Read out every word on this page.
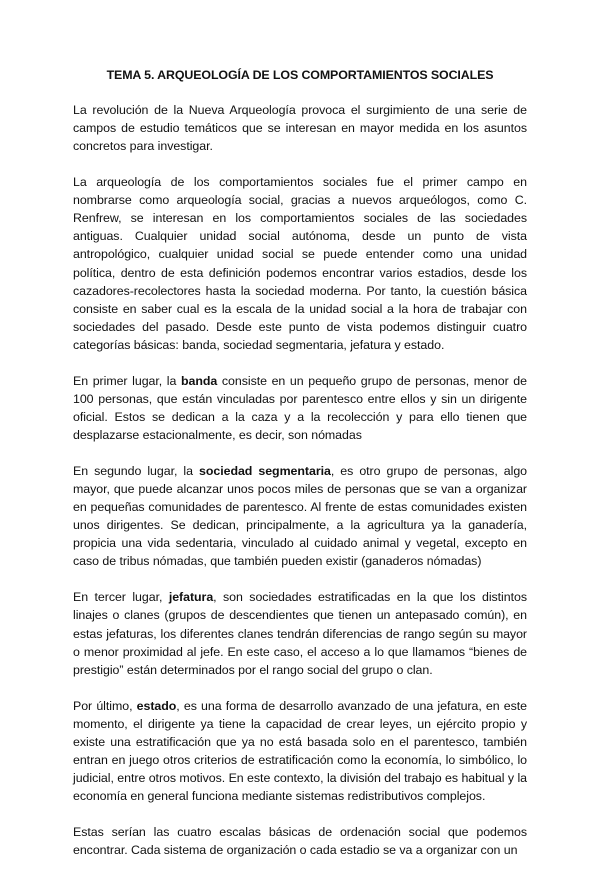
TEMA 5. ARQUEOLOGÍA DE LOS COMPORTAMIENTOS SOCIALES

La revolución de la Nueva Arqueología provoca el surgimiento de una serie de campos de estudio temáticos que se interesan en mayor medida en los asuntos concretos para investigar.

La arqueología de los comportamientos sociales fue el primer campo en nombrarse como arqueología social, gracias a nuevos arqueólogos, como C. Renfrew, se interesan en los comportamientos sociales de las sociedades antiguas. Cualquier unidad social autónoma, desde un punto de vista antropológico, cualquier unidad social se puede entender como una unidad política, dentro de esta definición podemos encontrar varios estadios, desde los cazadores-recolectores hasta la sociedad moderna. Por tanto, la cuestión básica consiste en saber cual es la escala de la unidad social a la hora de trabajar con sociedades del pasado. Desde este punto de vista podemos distinguir cuatro categorías básicas: banda, sociedad segmentaria, jefatura y estado.

En primer lugar, la banda consiste en un pequeño grupo de personas, menor de 100 personas, que están vinculadas por parentesco entre ellos y sin un dirigente oficial. Estos se dedican a la caza y a la recolección y para ello tienen que desplazarse estacionalmente, es decir, son nómadas

En segundo lugar, la sociedad segmentaria, es otro grupo de personas, algo mayor, que puede alcanzar unos pocos miles de personas que se van a organizar en pequeñas comunidades de parentesco. Al frente de estas comunidades existen unos dirigentes. Se dedican, principalmente, a la agricultura ya la ganadería, propicia una vida sedentaria, vinculado al cuidado animal y vegetal, excepto en caso de tribus nómadas, que también pueden existir (ganaderos nómadas)

En tercer lugar, jefatura, son sociedades estratificadas en la que los distintos linajes o clanes (grupos de descendientes que tienen un antepasado común), en estas jefaturas, los diferentes clanes tendrán diferencias de rango según su mayor o menor proximidad al jefe. En este caso, el acceso a lo que llamamos “bienes de prestigio” están determinados por el rango social del grupo o clan.

Por último, estado, es una forma de desarrollo avanzado de una jefatura, en este momento, el dirigente ya tiene la capacidad de crear leyes, un ejército propio y existe una estratificación que ya no está basada solo en el parentesco, también entran en juego otros criterios de estratificación como la economía, lo simbólico, lo judicial, entre otros motivos. En este contexto, la división del trabajo es habitual y la economía en general funciona mediante sistemas redistributivos complejos.

Estas serían las cuatro escalas básicas de ordenación social que podemos encontrar. Cada sistema de organización o cada estadio se va a organizar con un
